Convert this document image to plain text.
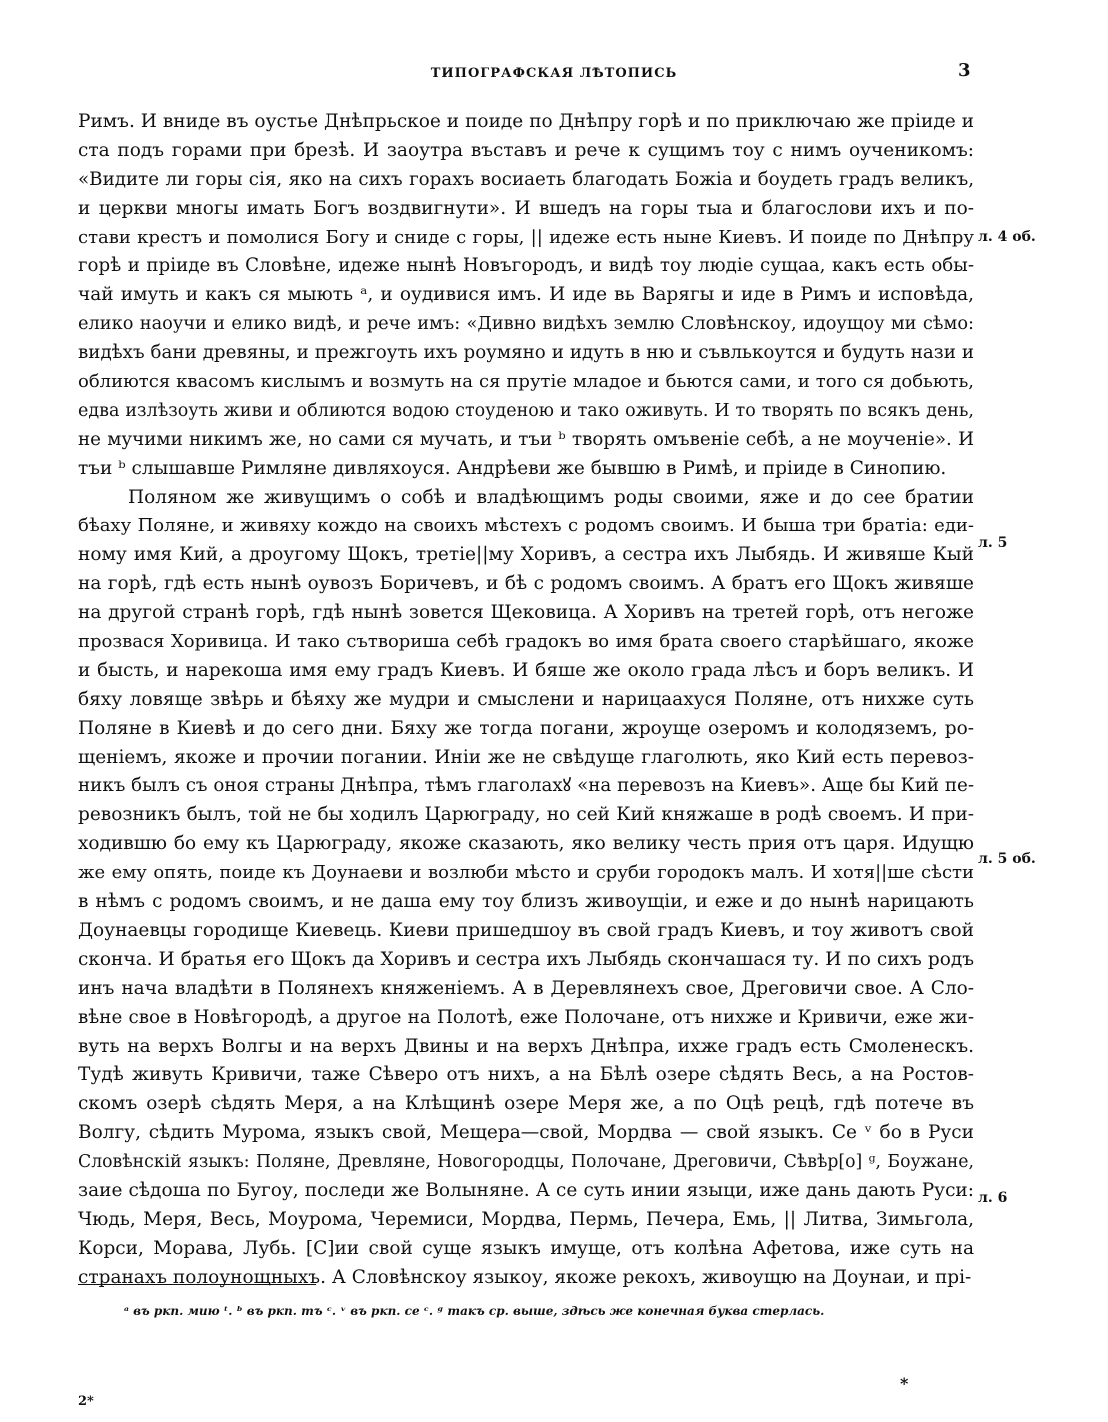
ТИПОГРАФСКАЯ ЛѢТОПИСЬ	3
Римъ. И вниде въ оустье Днѣпрьское и поиде по Днѣпру горѣ и по приключаю же пріиде и
ста подъ горами при брезѣ. И заоутра въставъ и рече к сущимъ тоу с нимъ оученикомъ:
«Видите ли горы сія, яко на сихъ горахъ восиаеть благодать Божіа и боудеть градъ великъ,
и церкви многы имать Богъ воздвигнути». И вшедъ на горы тыа и благослови ихъ и по-
стави крестъ и помолися Богу и сниде с горы, || идеже есть ныне Киевъ. И поиде по Днѣпру
горѣ и пріиде въ Словѣне, идеже нынѣ Новъгородъ, и видѣ тоу людіе сущаа, какъ есть обы-
чай имуть и какъ ся мыють ᵃ, и оудивися имъ. И иде вь Варягы и иде в Римъ и исповѣда,
елико наоучи и елико видѣ, и рече имъ: «Дивно видѣхъ землю Словѣнскоу, идоущоу ми сѣмо:
видѣхъ бани древяны, и прежгоуть ихъ роумяно и идуть в ню и съвлькоутся и будуть нази и
облиются квасомъ кислымъ и возмуть на ся прутіе младое и бьются сами, и того ся добьють,
едва излѣзоуть живи и облиются водою стоуденою и тако оживуть. И то творять по всякъ день,
не мучими никимъ же, но сами ся мучать, и тъи ᵇ творять омъвеніе себѣ, а не моученіе». И
тъи ᵇ слышавше Римляне дивляхоуся. Андрѣеви же бывшю в Римѣ, и пріиде в Синопию.
Поляном же живущимъ о собѣ и владѣющимъ роды своими, яже и до сее братии
бѣаху Поляне, и живяху кождо на своихъ мѣстехъ с родомъ своимъ. И быша три братіа: еди-
ному имя Кий, а дроугому Щокъ, третіе||му Хоривъ, а сестра ихъ Лыбядь. И живяше Кый
на горѣ, гдѣ есть нынѣ оувозъ Боричевъ, и бѣ с родомъ своимъ. А братъ его Щокъ живяше
на другой странѣ горѣ, гдѣ нынѣ зовется Щековица. А Хоривъ на третей горѣ, отъ негоже
прозвася Хоривица. И тако сътвориша себѣ градокъ во имя брата своего старѣйшаго, якоже
и бысть, и нарекоша имя ему градъ Киевъ. И бяше же около града лѣсъ и боръ великъ. И
бяху ловяще звѣрь и бѣяху же мудри и смыслени и нарицаахуся Поляне, отъ нихже суть
Поляне в Киевѣ и до сего дни. Бяху же тогда погани, жроуще озеромъ и колодяземъ, ро-
щеніемъ, якоже и прочии погании. Иніи же не свѣдуще глаголють, яко Кий есть перевоз-
никъ былъ съ оноя страны Днѣпра, тѣмъ глаголахꙋ «на перевозъ на Киевъ». Аще бы Кий пе-
ревозникъ былъ, той не бы ходилъ Царюграду, но сей Кий княжаше в родѣ своемъ. И при-
ходившю бо ему къ Царюграду, якоже сказають, яко велику честь прия отъ царя. Идущю
же ему опять, поиде къ Доунаеви и возлюби мѣсто и сруби городокъ малъ. И хотя||ше сѣсти
в нѣмъ с родомъ своимъ, и не даша ему тоу близъ живоущіи, и еже и до нынѣ нарицають
Доунаевцы городище Киевець. Киеви пришедшоу въ свой градъ Киевъ, и тоу животъ свой
скончa. И братья его Щокъ да Хоривъ и сестра ихъ Лыбядь скончашася ту. И по сихъ родъ
инъ нача владѣти в Полянехъ княженіемъ. А в Деревлянехъ свое, Дреговичи свое. А Сло-
вѣне свое в Новѣгородѣ, а другое на Полотѣ, еже Полочане, отъ нихже и Кривичи, еже жи-
вуть на верхъ Волгы и на верхъ Двины и на верхъ Днѣпра, ихже градъ есть Смоленескъ.
Тудѣ живуть Кривичи, таже Сѣверо отъ нихъ, а на Бѣлѣ озере сѣдять Весь, а на Ростов-
скомъ озерѣ сѣдять Меря, а на Клѣщинѣ озере Меря же, а по Оцѣ рецѣ, гдѣ потече въ
Волгу, сѣдить Мурома, языкъ свой, Мещера—свой, Мордва — свой языкъ. Се ᵛ бо в Руси
Словѣнскій языкъ: Поляне, Древляне, Новогородцы, Полочане, Дреговичи, Сѣвѣр[о] ᵍ, Боужане,
заие сѣдоша по Бугоу, последи же Волыняне. А се суть инии языци, иже дань дають Руси:
Чюдь, Меря, Весь, Моурома, Черемиси, Мордва, Пермь, Печера, Емь, || Литва, Зимьгола,
Корси, Морава, Лубь. [С]ии свой суще языкъ имуще, отъ колѣна Афетова, иже суть на
странахъ полоунощныхъ. А Словѣнскоу языкоу, якоже рекохъ, живоущю на Доунаи, и прі-
л. 4 об.
л. 5
л. 5 об.
л. 6
ᵃ въ ркп. мию ᵗ. ᵇ въ ркп. тъ ᶜ. ᵛ въ ркп. се ᶜ. ᵍ такъ ср. выше, здѣсь же конечная буква стерлась.
2*
*
